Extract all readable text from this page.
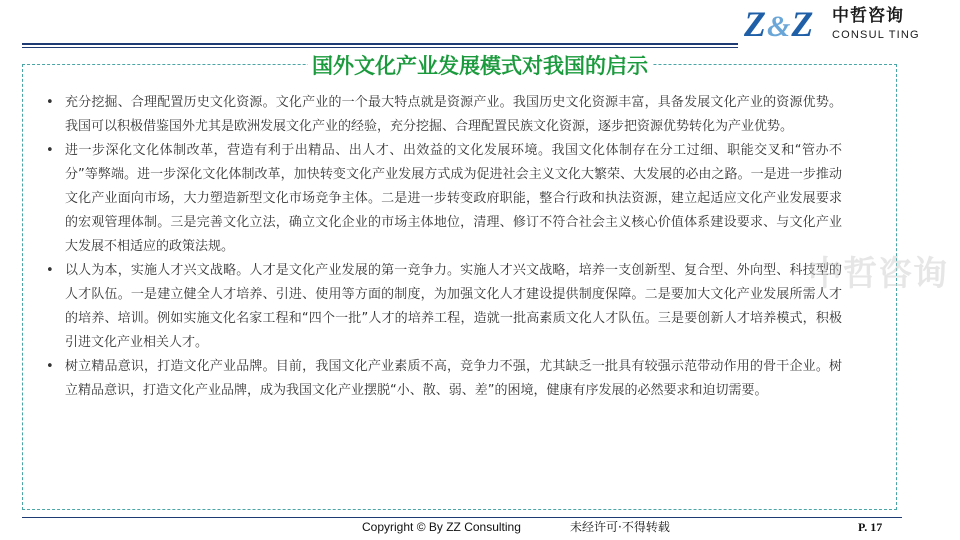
Z&Z 中哲咨询
CONSUL TING
国外文化产业发展模式对我国的启示
• 充分挖掘、合理配置历史文化资源。文化产业的一个最大特点就是资源产业。我国历史文化资源丰富，具备发展文化产业的资源优势。我国可以积极借鉴国外尤其是欧洲发展文化产业的经验，充分挖掘、合理配置民族文化资源，逐步把资源优势转化为产业优势。
• 进一步深化文化体制改革，营造有利于出精品、出人才、出效益的文化发展环境。我国文化体制存在分工过细、职能交叉和“管办不分”等弊端。进一步深化文化体制改革，加快转变文化产业发展方式成为促进社会主义文化大繁荣、大发展的必由之路。一是进一步推动文化产业面向市场，大力塑造新型文化市场竞争主体。二是进一步转变政府职能，整合行政和执法资源，建立起适应文化产业发展要求的宏观管理体制。三是完善文化立法，确立文化企业的市场主体地位，清理、修订不符合社会主义核心价值体系建设要求、与文化产业大发展不相适应的政策法规。
• 以人为本，实施人才兴文战略。人才是文化产业发展的第一竞争力。实施人才兴文战略，培养一支创新型、复合型、外向型、科技型的人才队伍。一是建立健全人才培养、引进、使用等方面的制度，为加强文化人才建设提供制度保障。二是要加大文化产业发展所需人才的培养、培训。例如实施文化名家工程和“四个一批”人才的培养工程，造就一批高素质文化人才队伍。三是要创新人才培养模式，积极引进文化产业相关人才。
• 树立精品意识，打造文化产业品牌。目前，我国文化产业素质不高，竞争力不强，尤其缺乏一批具有较强示范带动作用的骨干企业。树立精品意识，打造文化产业品牌，成为我国文化产业摆脱“小、散、弱、差”的困境，健康有序发展的必然要求和迫切需要。
中哲咨询
Copyright © By ZZ Consulting	未经许可·不得转载	P. 17
